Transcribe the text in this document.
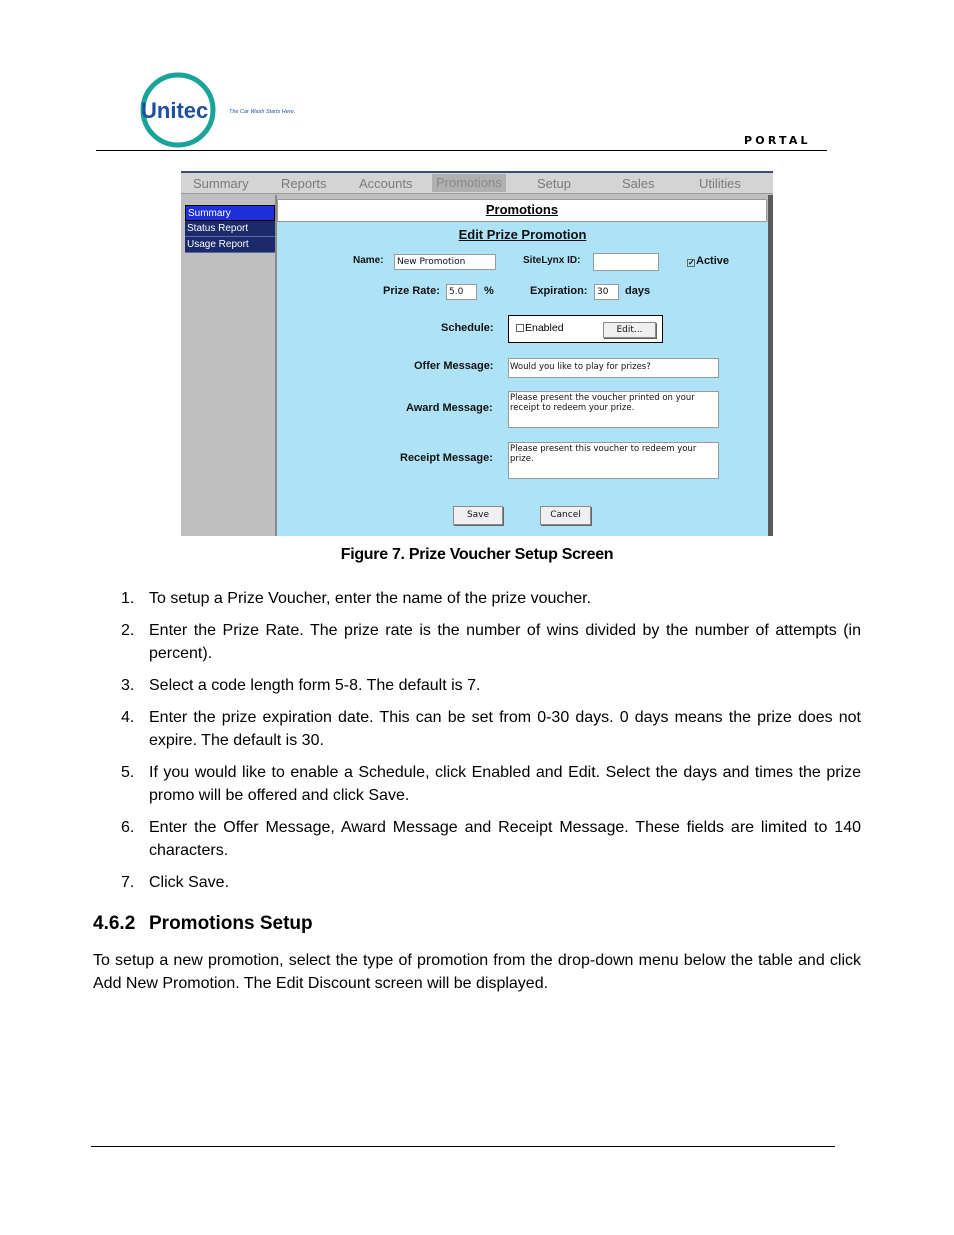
Unitec	The Car Wash Starts Here.
PORTAL
Summary Reports Accounts	Promotions	Setup	Sales	Utilities
Summary
Status Report
Usage Report
Promotions
Edit Prize Promotion
Name:	New Promotion	SiteLynx ID:	✓Active
Prize Rate:	5.0	%	Expiration:	30	days
Schedule:	Enabled	Edit...
Offer Message: Would you like to play for prizes?
Award Message:
Please present the voucher printed on your receipt to redeem your prize.
Receipt Message:
Please present this voucher to redeem your prize.
Save	Cancel
Figure 7. Prize Voucher Setup Screen
1. To setup a Prize Voucher, enter the name of the prize voucher.
2. Enter the Prize Rate. The prize rate is the number of wins divided by the number of attempts (in percent).
3. Select a code length form 5-8. The default is 7.
4. Enter the prize expiration date. This can be set from 0-30 days. 0 days means the prize does not expire. The default is 30.
5. If you would like to enable a Schedule, click Enabled and Edit. Select the days and times the prize promo will be offered and click Save.
6. Enter the Offer Message, Award Message and Receipt Message. These fields are limited to 140 characters.
7. Click Save.
4.6.2 Promotions Setup
To setup a new promotion, select the type of promotion from the drop-down menu below the table and click Add New Promotion. The Edit Discount screen will be displayed.
